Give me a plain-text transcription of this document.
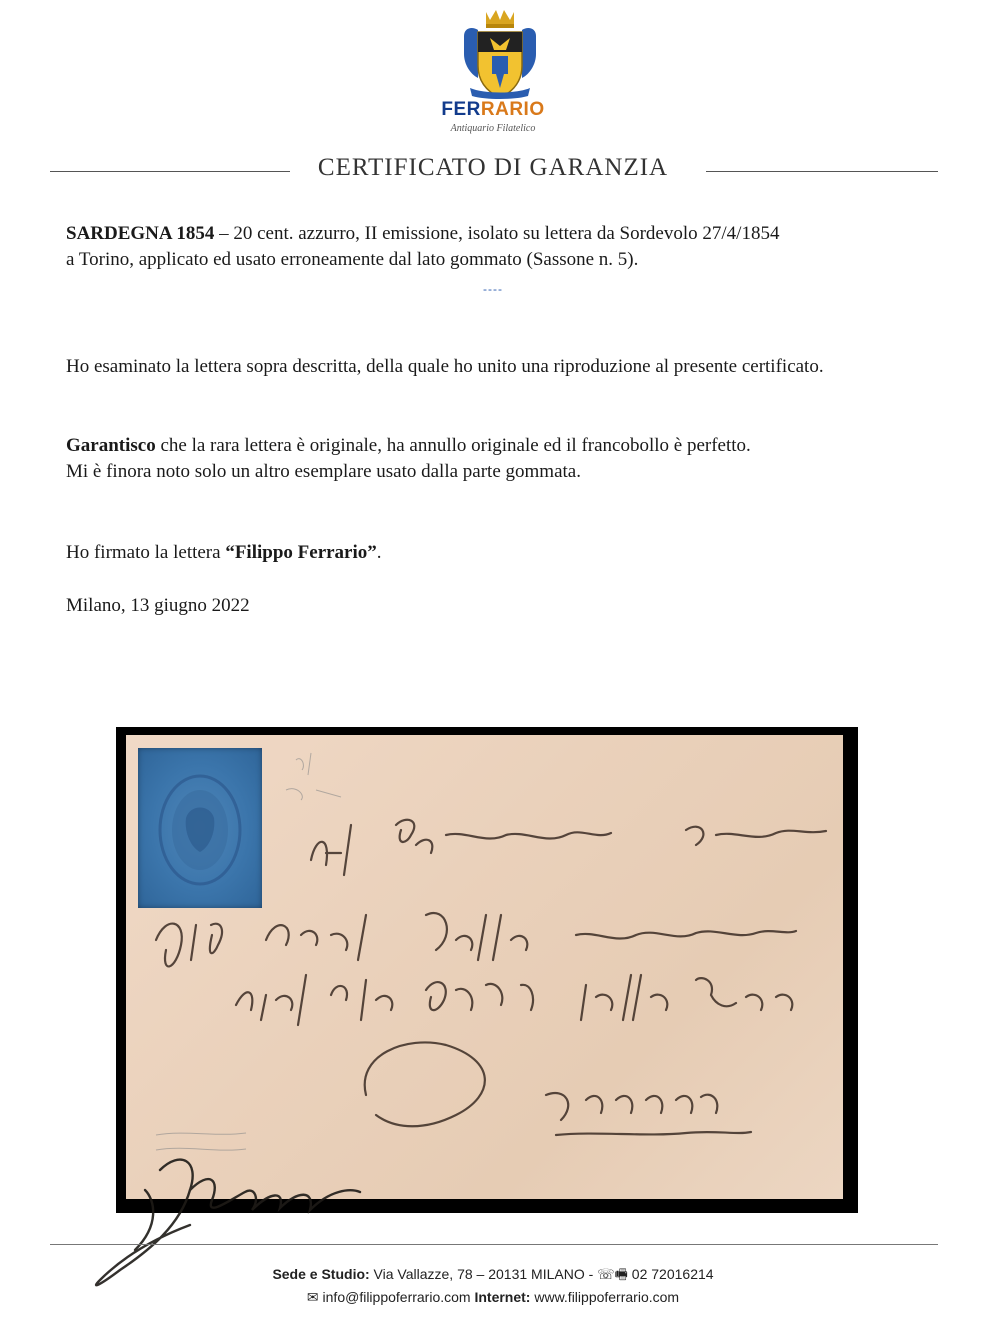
FERRARIO
Antiquario Filatelico
CERTIFICATO DI GARANZIA
SARDEGNA 1854 – 20 cent. azzurro, II emissione, isolato su lettera da Sordevolo 27/4/1854
a Torino, applicato ed usato erroneamente dal lato gommato (Sassone n. 5).
----
Ho esaminato la lettera sopra descritta, della quale ho unito una riproduzione al presente certificato.
Garantisco che la rara lettera è originale, ha annullo originale ed il francobollo è perfetto.
Mi è finora noto solo un altro esemplare usato dalla parte gommata.
Ho firmato la lettera “Filippo Ferrario”.
Milano, 13 giugno 2022
Sede e Studio: Via Vallazze, 78 – 20131 MILANO - ☏🖷 02 72016214
✉ info@filippoferrario.com Internet: www.filippoferrario.com
